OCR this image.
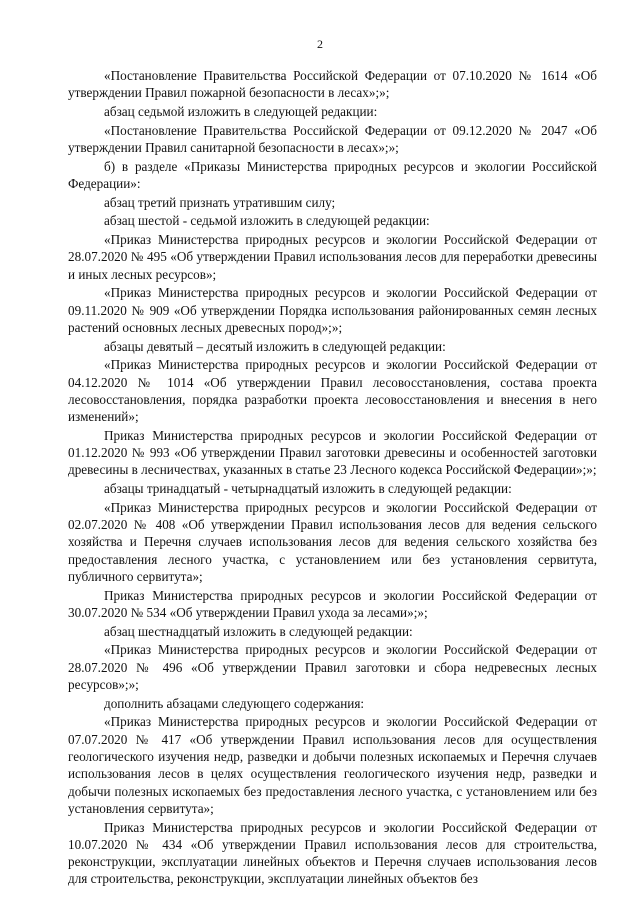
2

«Постановление Правительства Российской Федерации от 07.10.2020 № 1614 «Об утверждении Правил пожарной безопасности в лесах»;»;

абзац седьмой изложить в следующей редакции:

«Постановление Правительства Российской Федерации от 09.12.2020 № 2047 «Об утверждении Правил санитарной безопасности в лесах»;»;

б) в разделе «Приказы Министерства природных ресурсов и экологии Российской Федерации»:

абзац третий признать утратившим силу;

абзац шестой - седьмой изложить в следующей редакции:

«Приказ Министерства природных ресурсов и экологии Российской Федерации от 28.07.2020 № 495 «Об утверждении Правил использования лесов для переработки древесины и иных лесных ресурсов»;

«Приказ Министерства природных ресурсов и экологии Российской Федерации от 09.11.2020 № 909 «Об утверждении Порядка использования районированных семян лесных растений основных лесных древесных пород»;»;

абзацы девятый – десятый изложить в следующей редакции:

«Приказ Министерства природных ресурсов и экологии Российской Федерации от 04.12.2020 № 1014 «Об утверждении Правил лесовосстановления, состава проекта лесовосстановления, порядка разработки проекта лесовосстановления и внесения в него изменений»;

Приказ Министерства природных ресурсов и экологии Российской Федерации от 01.12.2020 № 993 «Об утверждении Правил заготовки древесины и особенностей заготовки древесины в лесничествах, указанных в статье 23 Лесного кодекса Российской Федерации»;»;

абзацы тринадцатый - четырнадцатый изложить в следующей редакции:

«Приказ Министерства природных ресурсов и экологии Российской Федерации от 02.07.2020 № 408 «Об утверждении Правил использования лесов для ведения сельского хозяйства и Перечня случаев использования лесов для ведения сельского хозяйства без предоставления лесного участка, с установлением или без установления сервитута, публичного сервитута»;

Приказ Министерства природных ресурсов и экологии Российской Федерации от 30.07.2020 № 534 «Об утверждении Правил ухода за лесами»;»;

абзац шестнадцатый изложить в следующей редакции:

«Приказ Министерства природных ресурсов и экологии Российской Федерации от 28.07.2020 № 496 «Об утверждении Правил заготовки и сбора недревесных лесных ресурсов»;»;

дополнить абзацами следующего содержания:

«Приказ Министерства природных ресурсов и экологии Российской Федерации от 07.07.2020 № 417 «Об утверждении Правил использования лесов для осуществления геологического изучения недр, разведки и добычи полезных ископаемых и Перечня случаев использования лесов в целях осуществления геологического изучения недр, разведки и добычи полезных ископаемых без предоставления лесного участка, с установлением или без установления сервитута»;

Приказ Министерства природных ресурсов и экологии Российской Федерации от 10.07.2020 № 434 «Об утверждении Правил использования лесов для строительства, реконструкции, эксплуатации линейных объектов и Перечня случаев использования лесов для строительства, реконструкции, эксплуатации линейных объектов без
